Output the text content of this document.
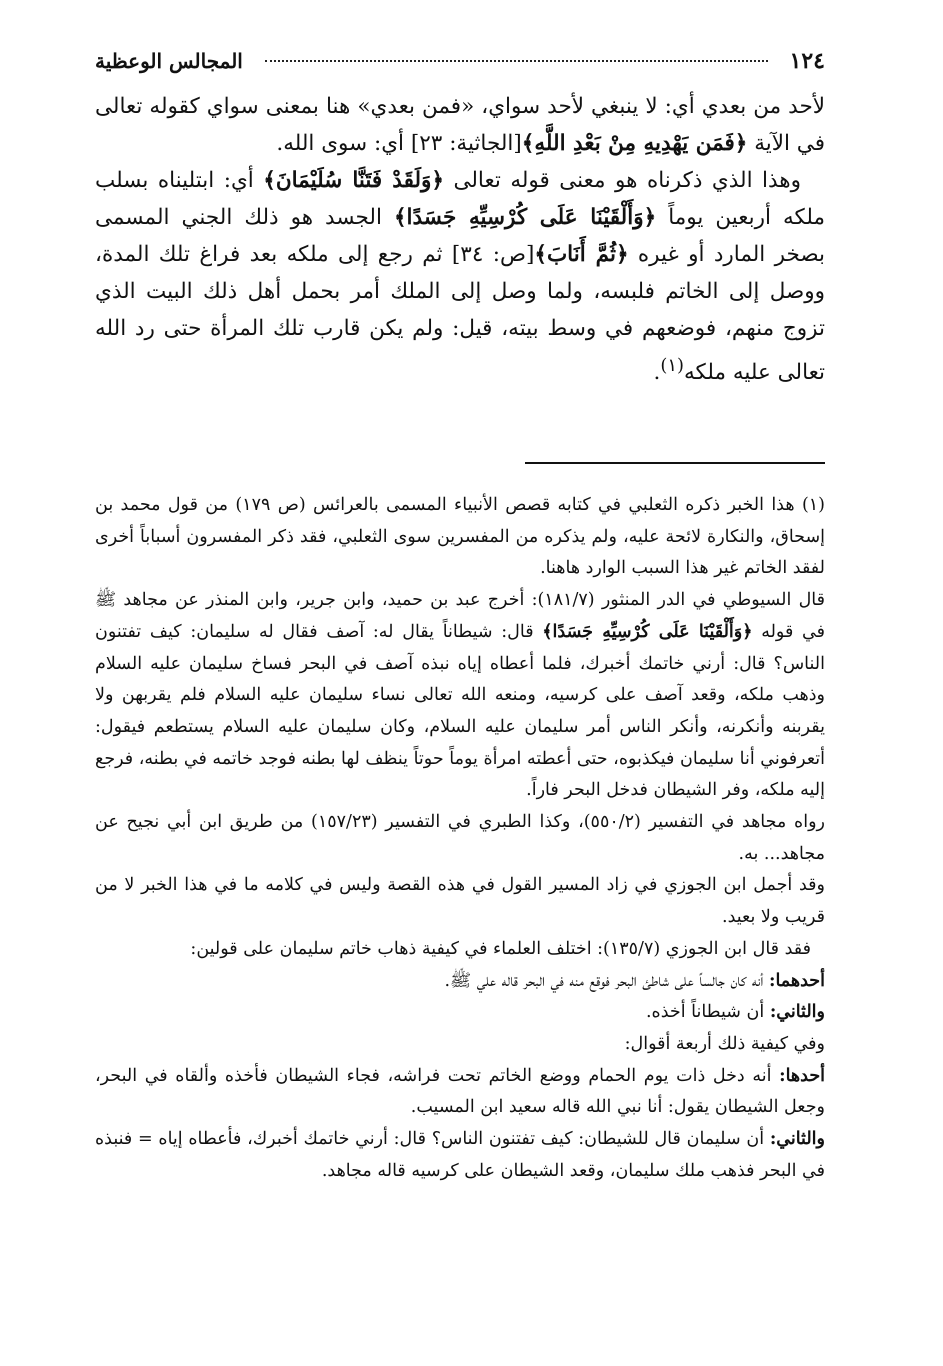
١٢٤
المجالس الوعظية

لأحد من بعدي أي: لا ينبغي لأحد سواي، «فمن بعدي» هنا بمعنى سواي كقوله تعالى في الآية ﴿فَمَن يَهْدِيهِ مِنْ بَعْدِ اللَّهِ﴾[الجاثية: ٢٣] أي: سوى الله.

وهذا الذي ذكرناه هو معنى قوله تعالى ﴿وَلَقَدْ فَتَنَّا سُلَيْمَانَ﴾ أي: ابتليناه بسلب ملكه أربعين يوماً ﴿وَأَلْقَيْنَا عَلَى كُرْسِيِّهِ جَسَدًا﴾ الجسد هو ذلك الجني المسمى بصخر المارد أو غيره ﴿ثُمَّ أَنَابَ﴾[ص: ٣٤] ثم رجع إلى ملكه بعد فراغ تلك المدة، ووصل إلى الخاتم فلبسه، ولما وصل إلى الملك أمر بحمل أهل ذلك البيت الذي تزوج منهم، فوضعهم في وسط بيته، قيل: ولم يكن قارب تلك المرأة حتى رد الله تعالى عليه ملكه$^{(١)}$.

(١) هذا الخبر ذكره الثعلبي في كتابه قصص الأنبياء المسمى بالعرائس (ص ١٧٩) من قول محمد بن إسحاق، والنكارة لائحة عليه، ولم يذكره من المفسرين سوى الثعلبي، فقد ذكر المفسرون أسباباً أخرى لفقد الخاتم غير هذا السبب الوارد هاهنا.

قال السيوطي في الدر المنثور (١٨١/٧): أخرج عبد بن حميد، وابن جرير، وابن المنذر عن مجاهد ﷺ في قوله ﴿وَأَلْقَيْنَا عَلَى كُرْسِيِّهِ جَسَدًا﴾ قال: شيطاناً يقال له: آصف فقال له سليمان: كيف تفتنون الناس؟ قال: أرني خاتمك أخبرك، فلما أعطاه إياه نبذه آصف في البحر فساخ سليمان عليه السلام وذهب ملكه، وقعد آصف على كرسيه، ومنعه الله تعالى نساء سليمان عليه السلام فلم يقربهن ولا يقربنه وأنكرنه، وأنكر الناس أمر سليمان عليه السلام، وكان سليمان عليه السلام يستطعم فيقول: أتعرفوني أنا سليمان فيكذبوه، حتى أعطته امرأة يوماً حوتاً ينظف لها بطنه فوجد خاتمه في بطنه، فرجع إليه ملكه، وفر الشيطان فدخل البحر فاراً.

رواه مجاهد في التفسير (٥٥٠/٢)، وكذا الطبري في التفسير (١٥٧/٢٣) من طريق ابن أبي نجيح عن مجاهد... به.

وقد أجمل ابن الجوزي في زاد المسير القول في هذه القصة وليس في كلامه ما في هذا الخبر لا من قريب ولا بعيد.

فقد قال ابن الجوزي (١٣٥/٧): اختلف العلماء في كيفية ذهاب خاتم سليمان على قولين:

أحدهما: أنه كان جالساً على شاطئ البحر فوقع منه في البحر قاله علي ﷺ.

والثاني: أن شيطاناً أخذه.

وفي كيفية ذلك أربعة أقوال:

أحدها: أنه دخل ذات يوم الحمام ووضع الخاتم تحت فراشه، فجاء الشيطان فأخذه وألقاه في البحر، وجعل الشيطان يقول: أنا نبي الله قاله سعيد ابن المسيب.

والثاني: أن سليمان قال للشيطان: كيف تفتنون الناس؟ قال: أرني خاتمك أخبرك، فأعطاه إياه = فنبذه في البحر فذهب ملك سليمان، وقعد الشيطان على كرسيه قاله مجاهد.
